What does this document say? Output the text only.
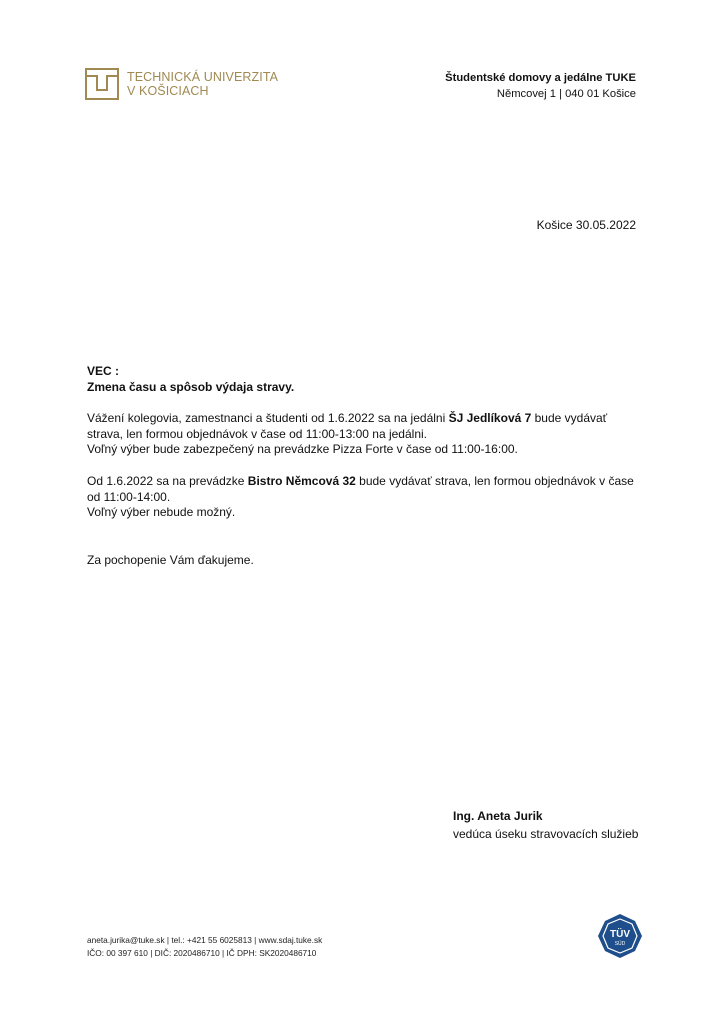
TECHNICKÁ UNIVERZITA
V KOŠICIACH
Študentské domovy a jedálne TUKE
Němcovej 1 | 040 01 Košice
Košice 30.05.2022

VEC :

Zmena času a spôsob výdaja stravy.

Vážení kolegovia, zamestnanci a študenti od 1.6.2022 sa na jedálni ŠJ Jedlíková 7 bude vydávať

strava, len formou objednávok v čase od 11:00-13:00 na jedálni.

Voľný výber bude zabezpečený na prevádzke Pizza Forte v čase od 11:00-16:00.

Od 1.6.2022 sa na prevádzke Bistro Němcová 32 bude vydávať strava, len formou objednávok v čase

od 11:00-14:00.

Voľný výber nebude možný.

Za pochopenie Vám ďakujeme.

Ing. Aneta Jurik
vedúca úseku stravovacích služieb
aneta.jurika@tuke.sk | tel.: +421 55 6025813 | www.sdaj.tuke.sk
IČO: 00 397 610 | DIČ: 2020486710 | IČ DPH: SK2020486710
TÜV
SÜD
